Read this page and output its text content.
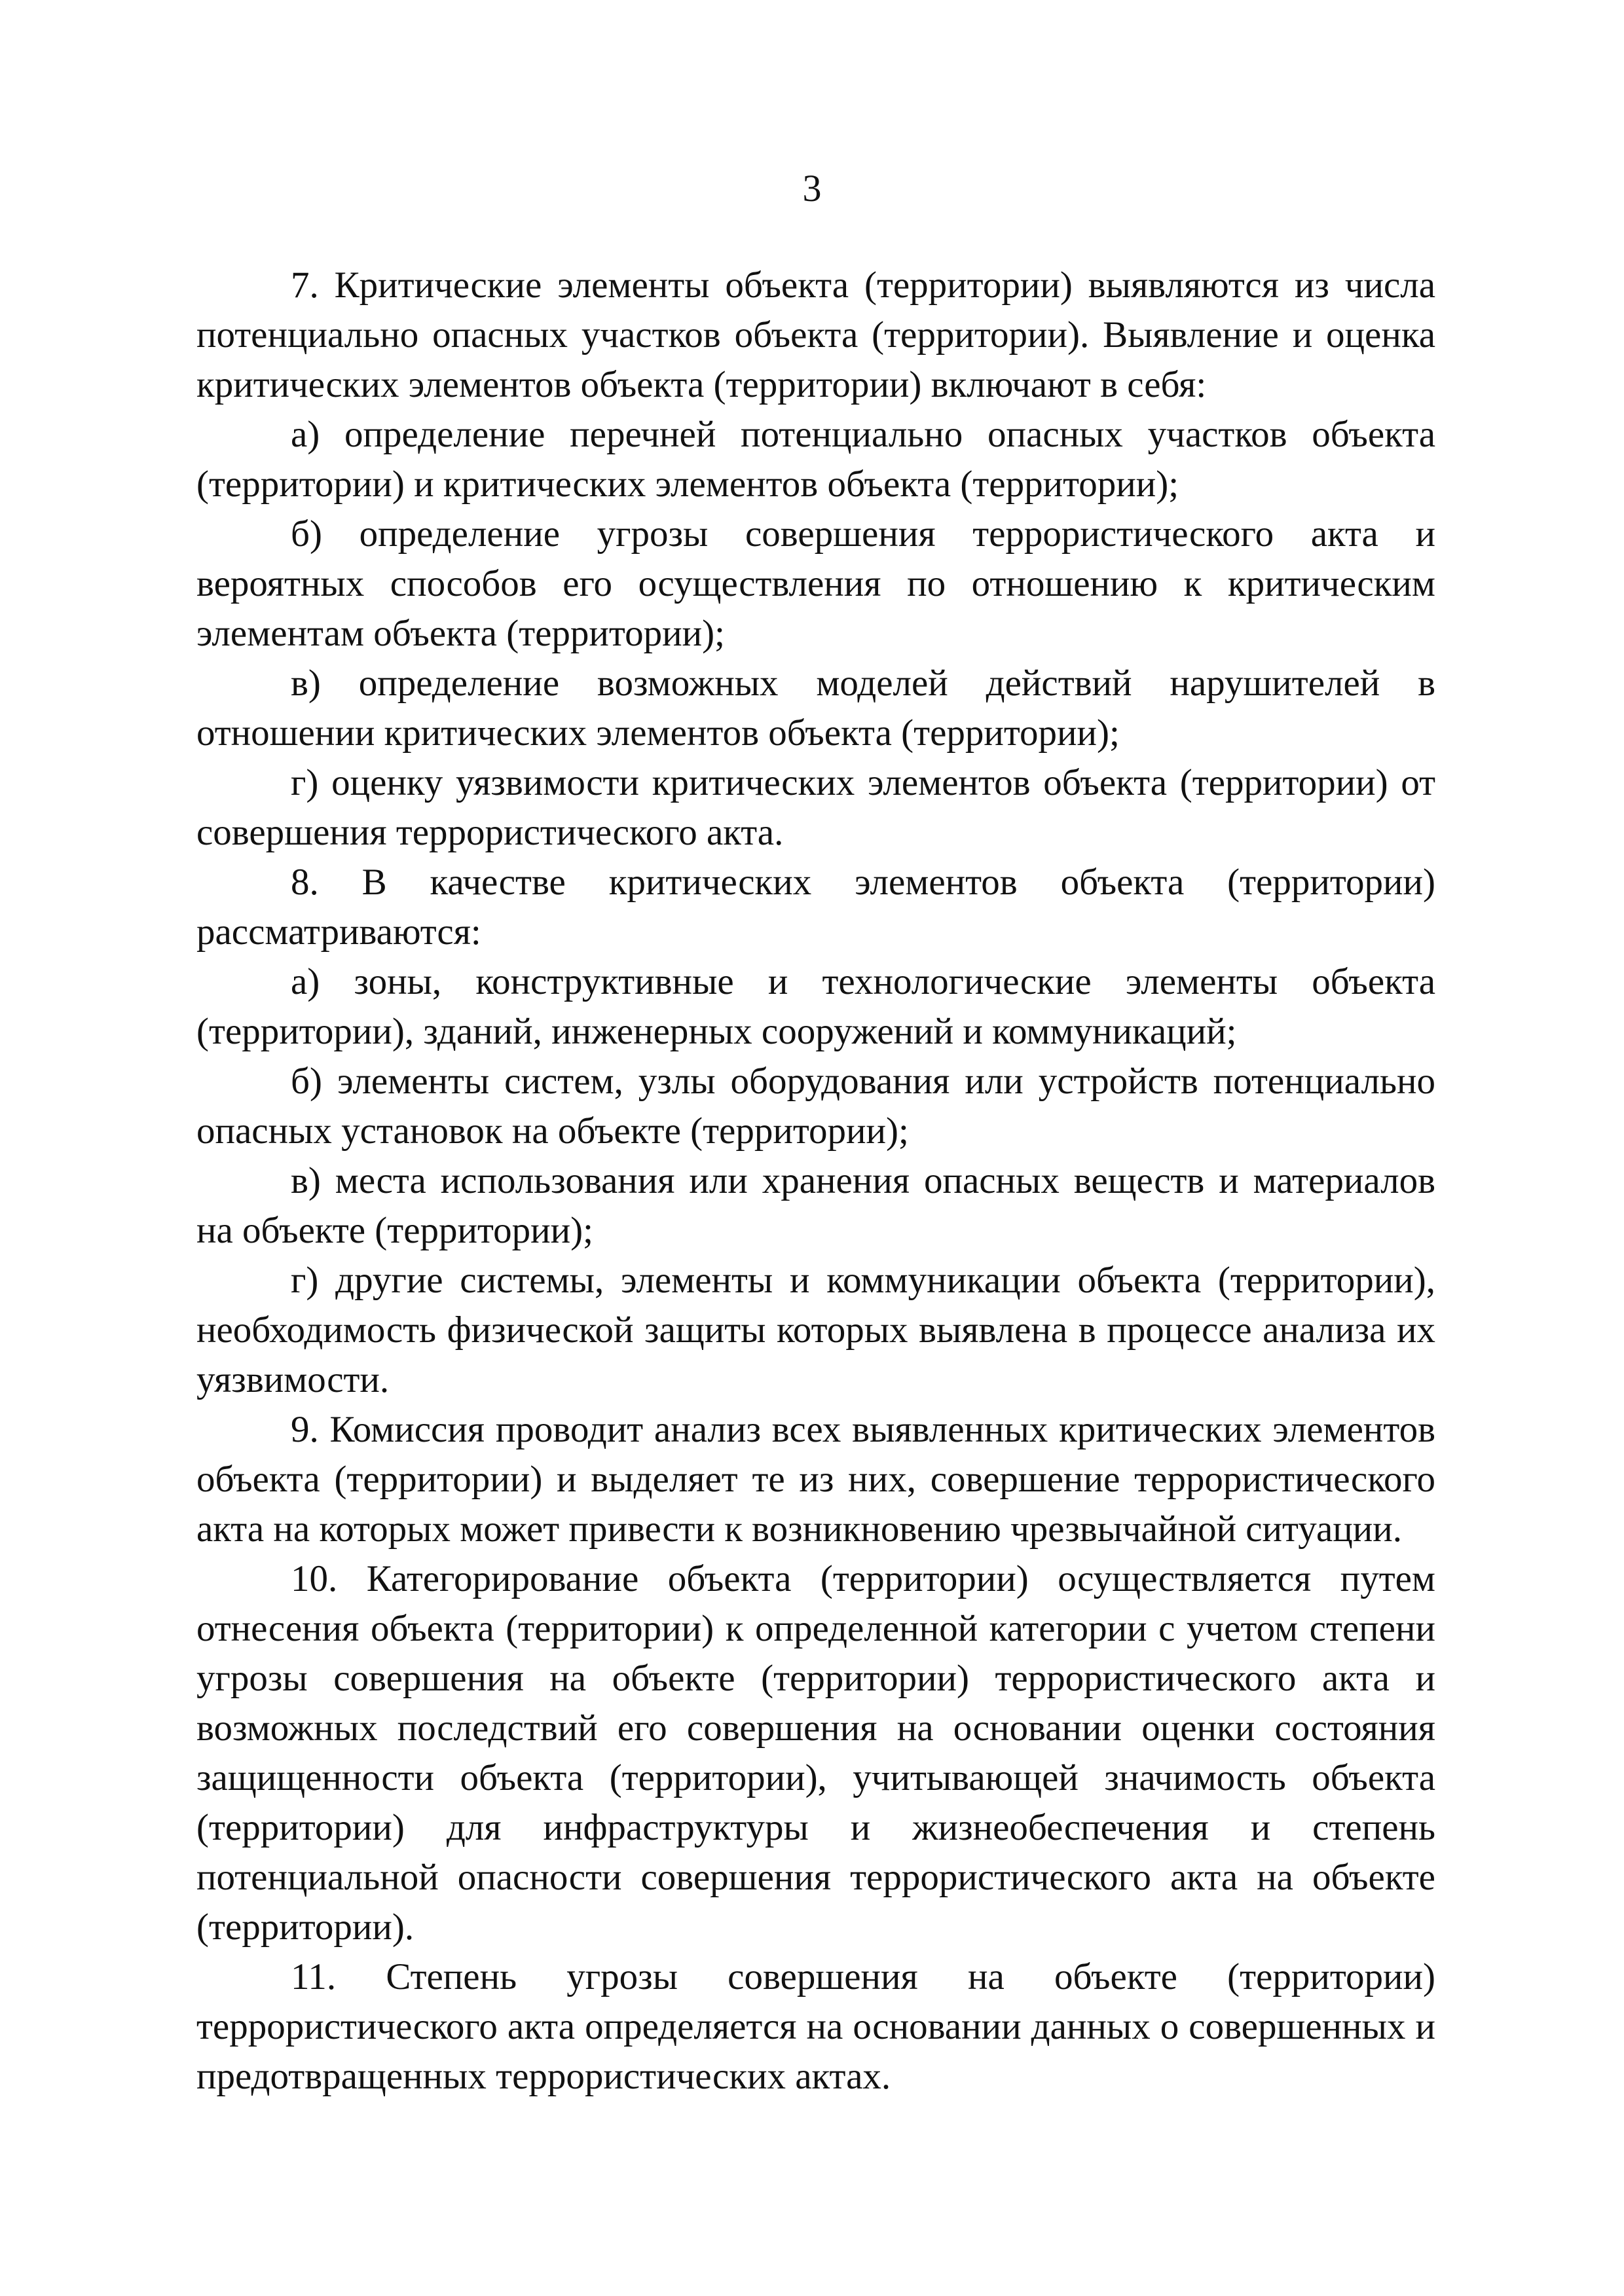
3

7. Критические элементы объекта (территории) выявляются из числа потенциально опасных участков объекта (территории). Выявление и оценка критических элементов объекта (территории) включают в себя:

а) определение перечней потенциально опасных участков объекта (территории) и критических элементов объекта (территории);

б) определение угрозы совершения террористического акта и вероятных способов его осуществления по отношению к критическим элементам объекта (территории);

в) определение возможных моделей действий нарушителей в отношении критических элементов объекта (территории);

г) оценку уязвимости критических элементов объекта (территории) от совершения террористического акта.

8. В качестве критических элементов объекта (территории) рассматриваются:

а) зоны, конструктивные и технологические элементы объекта (территории), зданий, инженерных сооружений и коммуникаций;

б) элементы систем, узлы оборудования или устройств потенциально опасных установок на объекте (территории);

в) места использования или хранения опасных веществ и материалов на объекте (территории);

г) другие системы, элементы и коммуникации объекта (территории), необходимость физической защиты которых выявлена в процессе анализа их уязвимости.

9. Комиссия проводит анализ всех выявленных критических элементов объекта (территории) и выделяет те из них, совершение террористического акта на которых может привести к возникновению чрезвычайной ситуации.

10. Категорирование объекта (территории) осуществляется путем отнесения объекта (территории) к определенной категории с учетом степени угрозы совершения на объекте (территории) террористического акта и возможных последствий его совершения на основании оценки состояния защищенности объекта (территории), учитывающей значимость объекта (территории) для инфраструктуры и жизнеобеспечения и степень потенциальной опасности совершения террористического акта на объекте (территории).

11. Степень угрозы совершения на объекте (территории) террористического акта определяется на основании данных о совершенных и предотвращенных террористических актах.
